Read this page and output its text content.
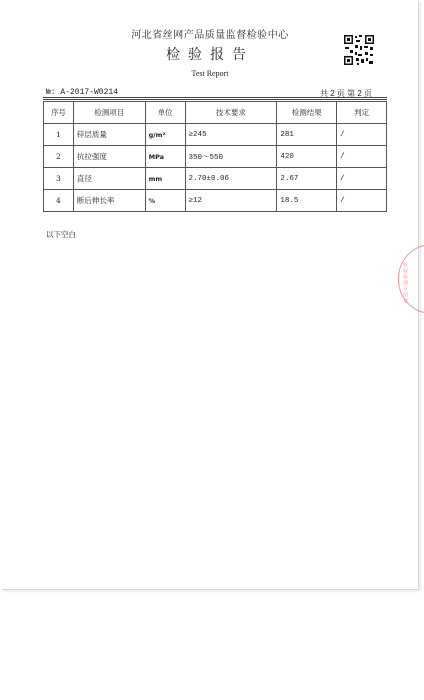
河北省丝网产品质量监督检验中心
检验报告
Test Report
№: A-2017-W0214	共 2 页 第 2 页
序号	检测项目	单位	技术要求	检测结果	判定
1	锌层质量	g/m²	≥245	281	/
2	抗拉强度	MPa	350～550	420	/
3	直径	mm	2.70±0.06	2.67	/
4	断后伸长率	%	≥12	18.5	/
以下空白
检验检测专用章
